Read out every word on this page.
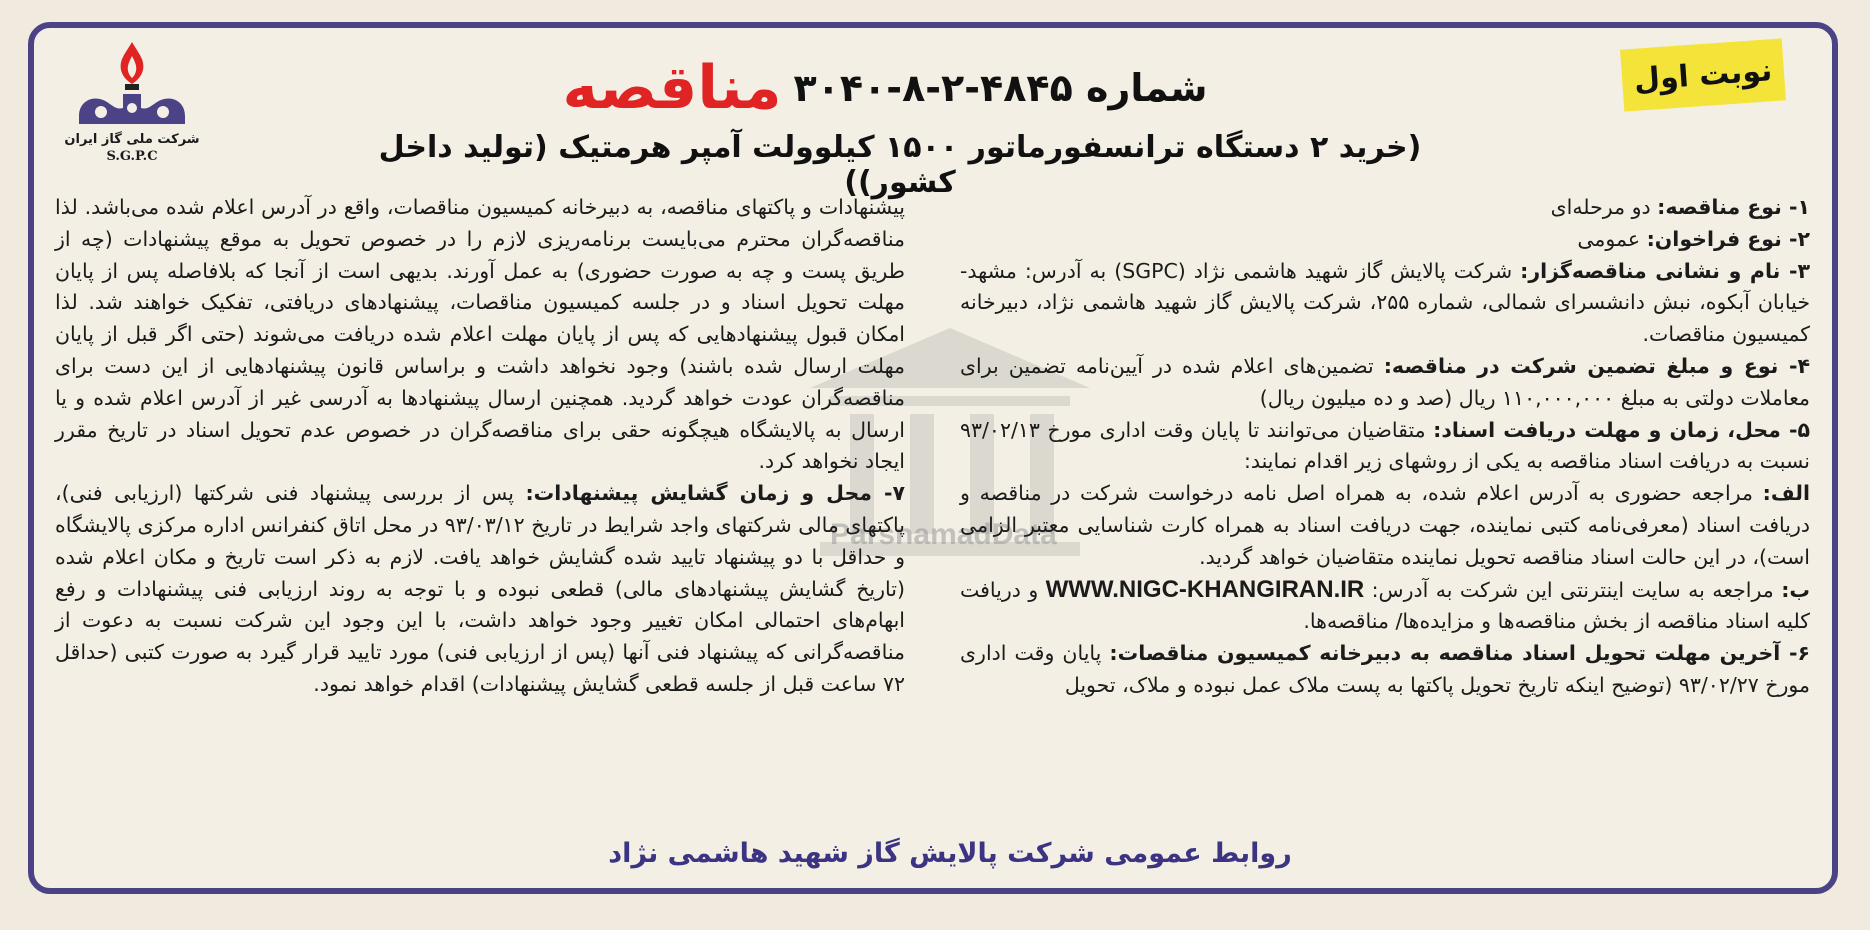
نوبت اول
شرکت ملی گاز ایران
S.G.P.C
مناقصه شماره ۴۸۴۵-۲-۸-۳۰۴۰
(خرید ۲ دستگاه ترانسفورماتور ۱۵۰۰ کیلوولت آمپر هرمتیک (تولید داخل کشور))
ParsnamadData

۱- نوع مناقصه: دو مرحله‌ای

۲- نوع فراخوان: عمومی

۳- نام و نشانی مناقصه‌گزار: شرکت پالایش گاز شهید هاشمی نژاد (SGPC) به آدرس: مشهد- خیابان آبکوه، نبش دانشسرای شمالی، شماره ۲۵۵، شرکت پالایش گاز شهید هاشمی نژاد، دبیرخانه کمیسیون مناقصات.

۴- نوع و مبلغ تضمین شرکت در مناقصه: تضمین‌های اعلام شده در آیین‌نامه تضمین برای معاملات دولتی به مبلغ ۱۱۰,۰۰۰,۰۰۰ ریال (صد و ده میلیون ریال)

۵- محل، زمان و مهلت دریافت اسناد: متقاضیان می‌توانند تا پایان وقت اداری مورخ ۹۳/۰۲/۱۳ نسبت به دریافت اسناد مناقصه به یکی از روشهای زیر اقدام نمایند:

الف: مراجعه حضوری به آدرس اعلام شده، به همراه اصل نامه درخواست شرکت در مناقصه و دریافت اسناد (معرفی‌نامه کتبی نماینده، جهت دریافت اسناد به همراه کارت شناسایی معتبر الزامی است)، در این حالت اسناد مناقصه تحویل نماینده متقاضیان خواهد گردید.

ب: مراجعه به سایت اینترنتی این شرکت به آدرس: WWW.NIGC-KHANGIRAN.IR و دریافت کلیه اسناد مناقصه از بخش مناقصه‌ها و مزایده‌ها/ مناقصه‌ها.

۶- آخرین مهلت تحویل اسناد مناقصه به دبیرخانه کمیسیون مناقصات: پایان وقت اداری مورخ ۹۳/۰۲/۲۷ (توضیح اینکه تاریخ تحویل پاکتها به پست ملاک عمل نبوده و ملاک، تحویل

پیشنهادات و پاکتهای مناقصه، به دبیرخانه کمیسیون مناقصات، واقع در آدرس اعلام شده می‌باشد. لذا مناقصه‌گران محترم می‌بایست برنامه‌ریزی لازم را در خصوص تحویل به موقع پیشنهادات (چه از طریق پست و چه به صورت حضوری) به عمل آورند. بدیهی است از آنجا که بلافاصله پس از پایان مهلت تحویل اسناد و در جلسه کمیسیون مناقصات، پیشنهادهای دریافتی، تفکیک خواهند شد. لذا امکان قبول پیشنهادهایی که پس از پایان مهلت اعلام شده دریافت می‌شوند (حتی اگر قبل از پایان مهلت ارسال شده باشند) وجود نخواهد داشت و براساس قانون پیشنهادهایی از این دست برای مناقصه‌گران عودت خواهد گردید. همچنین ارسال پیشنهادها به آدرسی غیر از آدرس اعلام شده و یا ارسال به پالایشگاه هیچگونه حقی برای مناقصه‌گران در خصوص عدم تحویل اسناد در تاریخ مقرر ایجاد نخواهد کرد.

۷- محل و زمان گشایش پیشنهادات: پس از بررسی پیشنهاد فنی شرکتها (ارزیابی فنی)، پاکتهای مالی شرکتهای واجد شرایط در تاریخ ۹۳/۰۳/۱۲ در محل اتاق کنفرانس اداره مرکزی پالایشگاه و حداقل با دو پیشنهاد تایید شده گشایش خواهد یافت. لازم به ذکر است تاریخ و مکان اعلام شده (تاریخ گشایش پیشنهادهای مالی) قطعی نبوده و با توجه به روند ارزیابی فنی پیشنهادات و رفع ابهام‌های احتمالی امکان تغییر وجود خواهد داشت، با این وجود این شرکت نسبت به دعوت از مناقصه‌گرانی که پیشنهاد فنی آنها (پس از ارزیابی فنی) مورد تایید قرار گیرد به صورت کتبی (حداقل ۷۲ ساعت قبل از جلسه قطعی گشایش پیشنهادات) اقدام خواهد نمود.

روابط عمومی شرکت پالایش گاز شهید هاشمی نژاد
